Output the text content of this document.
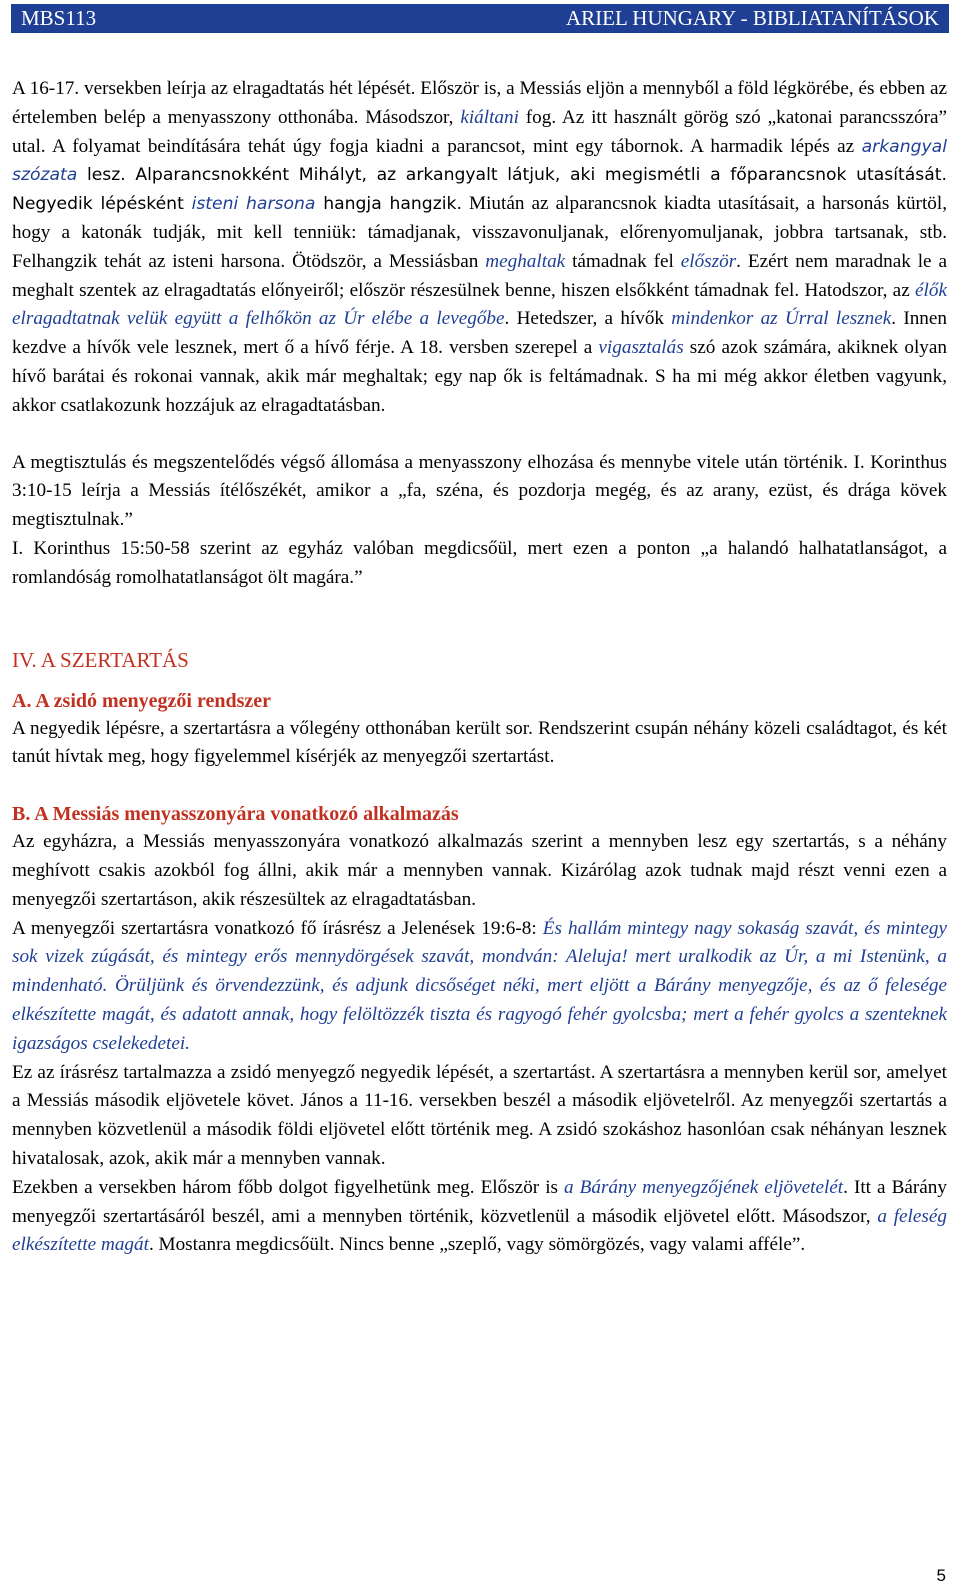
MBS113	ARIEL HUNGARY - BIBLIATANÍTÁSOK

A 16-17. versekben leírja az elragadtatás hét lépését. Először is, a Messiás eljön a mennyből a föld légkörébe, és ebben az értelemben belép a menyasszony otthonába. Másodszor, kiáltani fog. Az itt használt görög szó „katonai parancsszóra” utal. A folyamat beindítására tehát úgy fogja kiadni a parancsot, mint egy tábornok. A harmadik lépés az arkangyal szózata lesz. Alparancsnokként Mihályt, az arkangyalt látjuk, aki megismétli a főparancsnok utasítását. Negyedik lépésként isteni harsona hangja hangzik. Miután az alparancsnok kiadta utasításait, a harsonás kürtöl, hogy a katonák tudják, mit kell tenniük: támadjanak, visszavonuljanak, előrenyomuljanak, jobbra tartsanak, stb. Felhangzik tehát az isteni harsona. Ötödször, a Messiásban meghaltak támadnak fel először. Ezért nem maradnak le a meghalt szentek az elragadtatás előnyeiről; először részesülnek benne, hiszen elsőkként támadnak fel. Hatodszor, az élők elragadtatnak velük együtt a felhőkön az Úr elébe a levegőbe. Hetedszer, a hívők mindenkor az Úrral lesznek. Innen kezdve a hívők vele lesznek, mert ő a hívő férje. A 18. versben szerepel a vigasztalás szó azok számára, akiknek olyan hívő barátai és rokonai vannak, akik már meghaltak; egy nap ők is feltámadnak. S ha mi még akkor életben vagyunk, akkor csatlakozunk hozzájuk az elragadtatásban.

A megtisztulás és megszentelődés végső állomása a menyasszony elhozása és mennybe vitele után történik. I. Korinthus 3:10-15 leírja a Messiás ítélőszékét, amikor a „fa, széna, és pozdorja megég, és az arany, ezüst, és drága kövek megtisztulnak.”

I. Korinthus 15:50-58 szerint az egyház valóban megdicsőül, mert ezen a ponton „a halandó halhatatlanságot, a romlandóság romolhatatlanságot ölt magára.”

IV. A SZERTARTÁS
A. A zsidó menyegzői rendszer

A negyedik lépésre, a szertartásra a vőlegény otthonában került sor. Rendszerint csupán néhány közeli családtagot, és két tanút hívtak meg, hogy figyelemmel kísérjék az menyegzői szertartást.

B. A Messiás menyasszonyára vonatkozó alkalmazás

Az egyházra, a Messiás menyasszonyára vonatkozó alkalmazás szerint a mennyben lesz egy szertartás, s a néhány meghívott csakis azokból fog állni, akik már a mennyben vannak. Kizárólag azok tudnak majd részt venni ezen a menyegzői szertartáson, akik részesültek az elragadtatásban.

A menyegzői szertartásra vonatkozó fő írásrész a Jelenések 19:6-8: És hallám mintegy nagy sokaság szavát, és mintegy sok vizek zúgását, és mintegy erős mennydörgések szavát, mondván: Aleluja! mert uralkodik az Úr, a mi Istenünk, a mindenható. Örüljünk és örvendezzünk, és adjunk dicsőséget néki, mert eljött a Bárány menyegzője, és az ő felesége elkészítette magát, és adatott annak, hogy felöltözzék tiszta és ragyogó fehér gyolcsba; mert a fehér gyolcs a szenteknek igazságos cselekedetei.

Ez az írásrész tartalmazza a zsidó menyegző negyedik lépését, a szertartást. A szertartásra a mennyben kerül sor, amelyet a Messiás második eljövetele követ. János a 11-16. versekben beszél a második eljövetelről. Az menyegzői szertartás a mennyben közvetlenül a második földi eljövetel előtt történik meg. A zsidó szokáshoz hasonlóan csak néhányan lesznek hivatalosak, azok, akik már a mennyben vannak.

Ezekben a versekben három főbb dolgot figyelhetünk meg. Először is a Bárány menyegzőjének eljövetelét. Itt a Bárány menyegzői szertartásáról beszél, ami a mennyben történik, közvetlenül a második eljövetel előtt. Másodszor, a feleség elkészítette magát. Mostanra megdicsőült. Nincs benne „szeplő, vagy sömörgözés, vagy valami afféle”.

5
